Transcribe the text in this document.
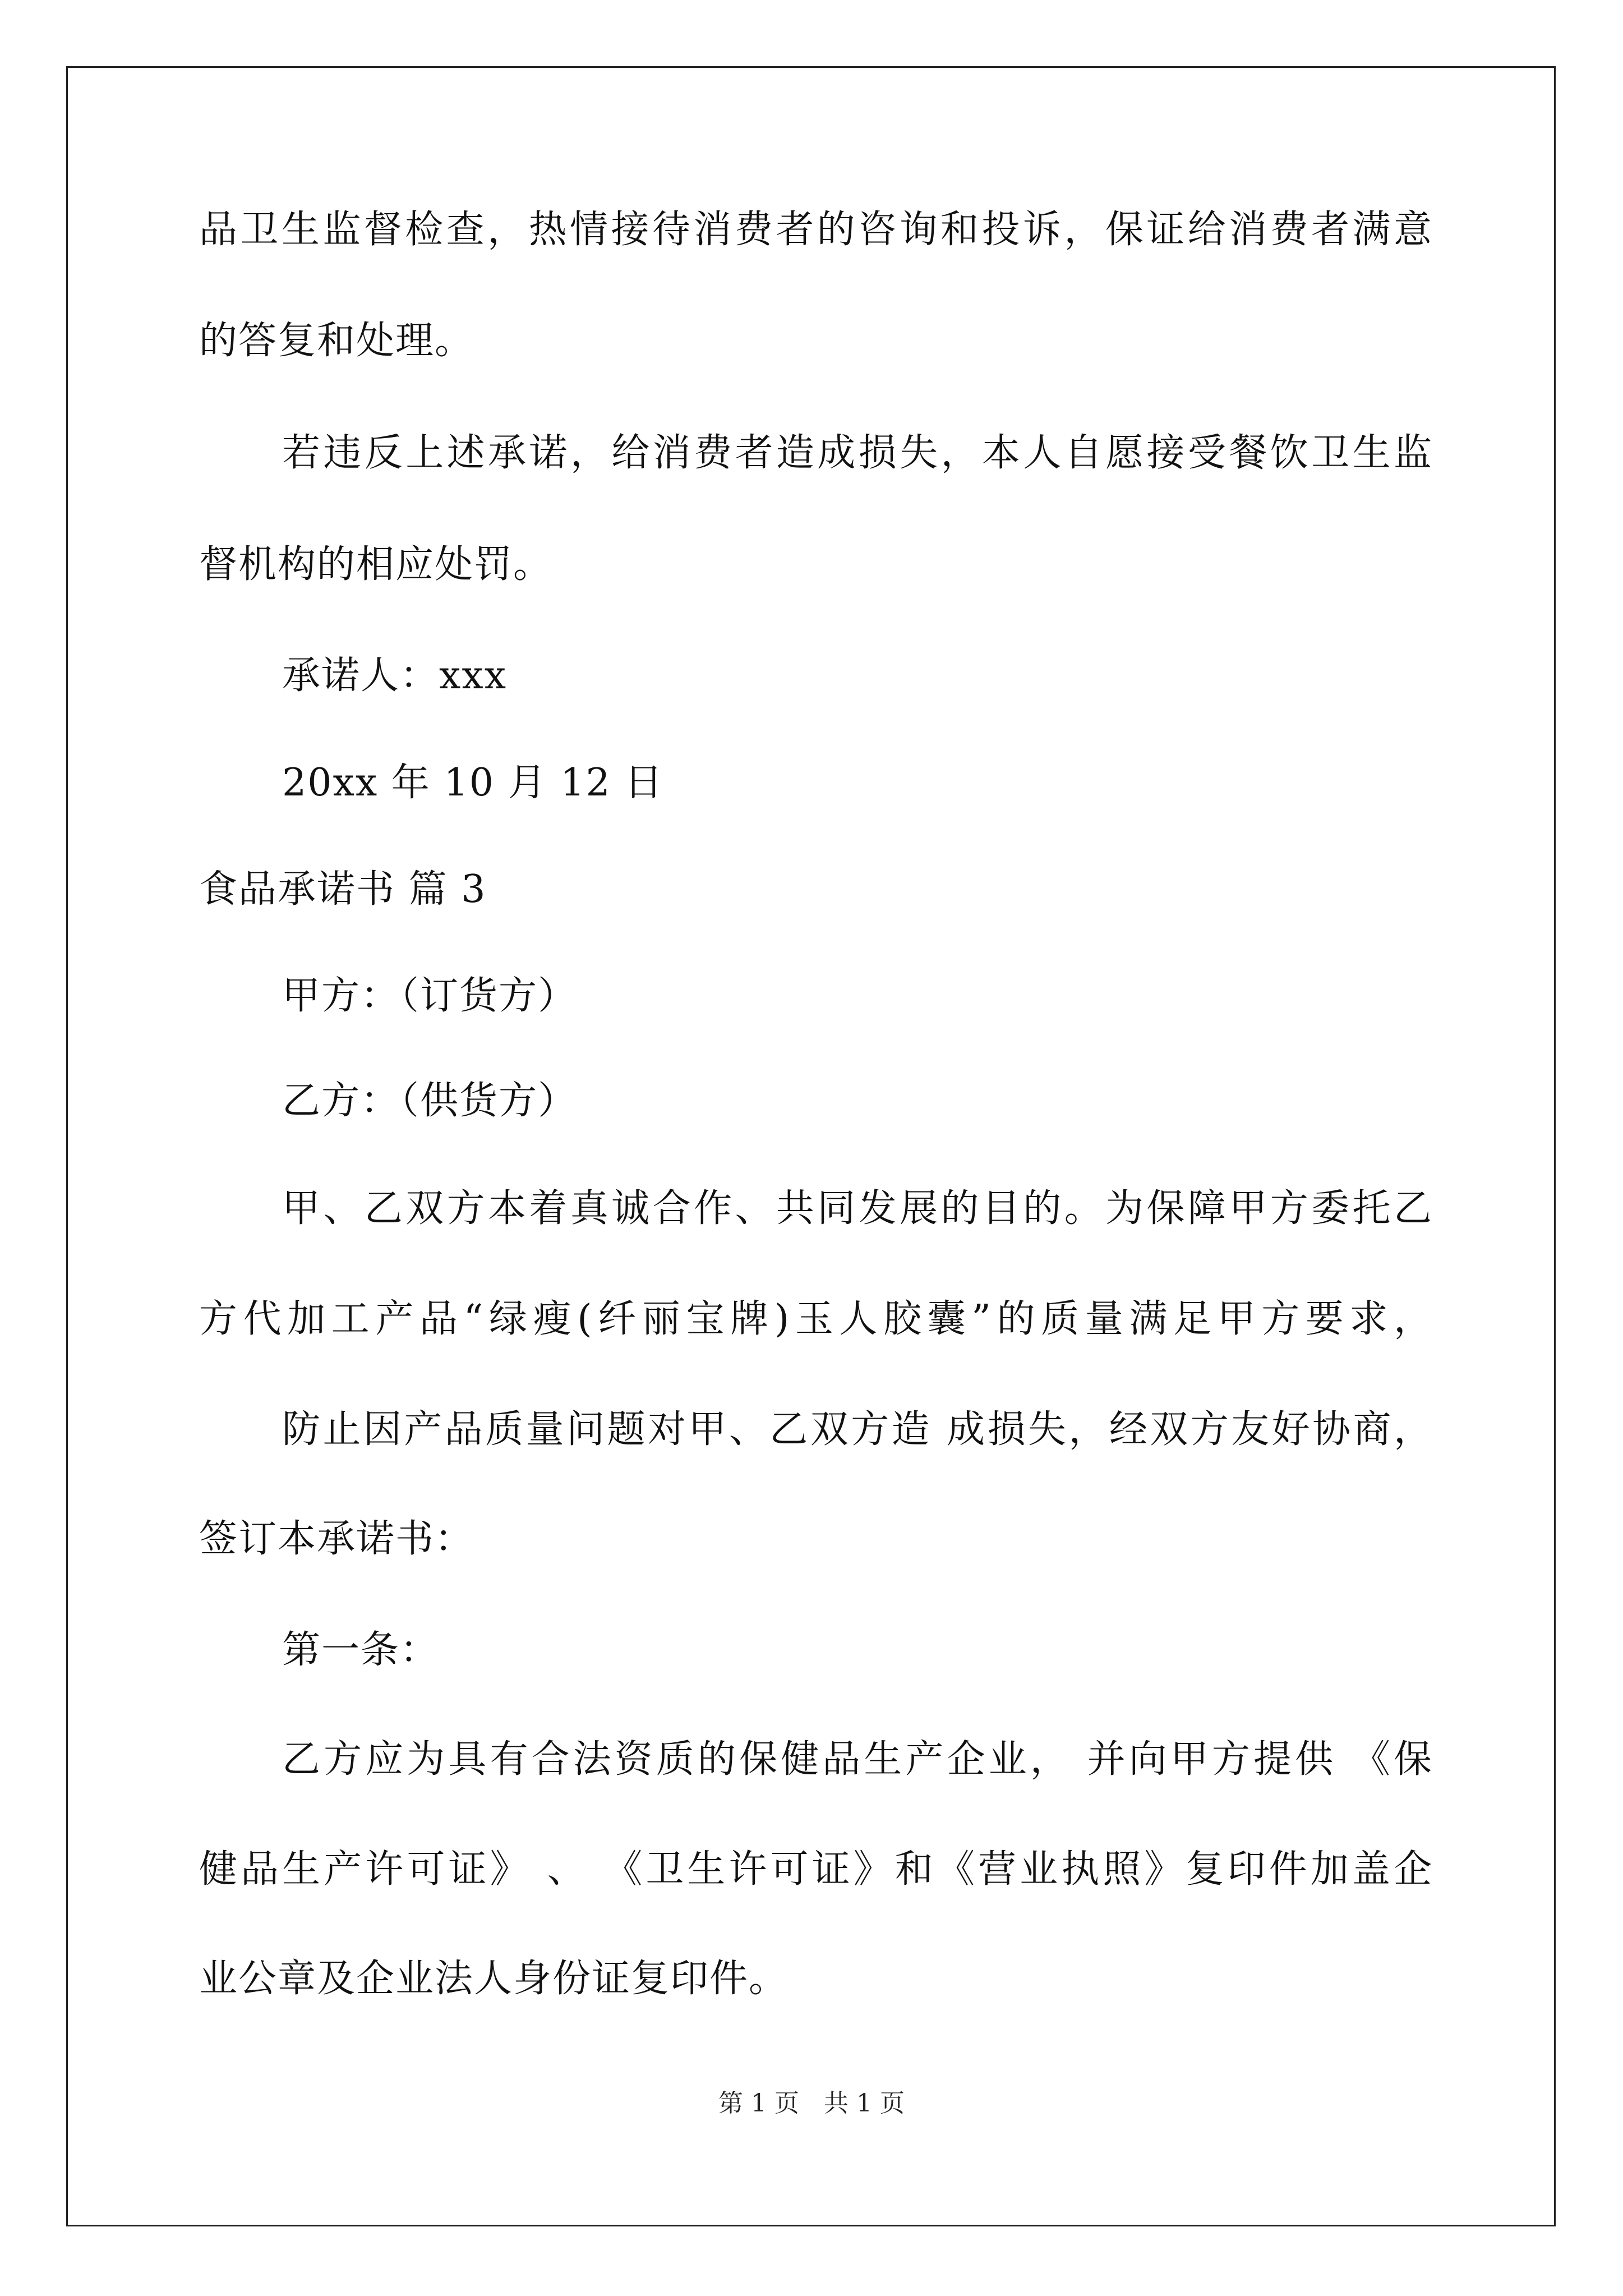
品卫生监督检查，热情接待消费者的咨询和投诉，保证给消费者满意
的答复和处理。
若违反上述承诺，给消费者造成损失，本人自愿接受餐饮卫生监
督机构的相应处罚。
承诺人：xxx
20xx 年 10 月 12 日
食品承诺书 篇 3
甲方：（订货方）
乙方：（供货方）
甲、乙双方本着真诚合作、共同发展的目的。为保障甲方委托乙
方代加工产品“绿瘦(纤丽宝牌)玉人胶囊”的质量满足甲方要求，
防止因产品质量问题对甲、乙双方造 成损失，经双方友好协商，
签订本承诺书：
第一条：
乙方应为具有合法资质的保健品生产企业， 并向甲方提供 《保
健品生产许可证》 、 《卫生许可证》和《营业执照》复印件加盖企
业公章及企业法人身份证复印件。
第 1 页　共 1 页
